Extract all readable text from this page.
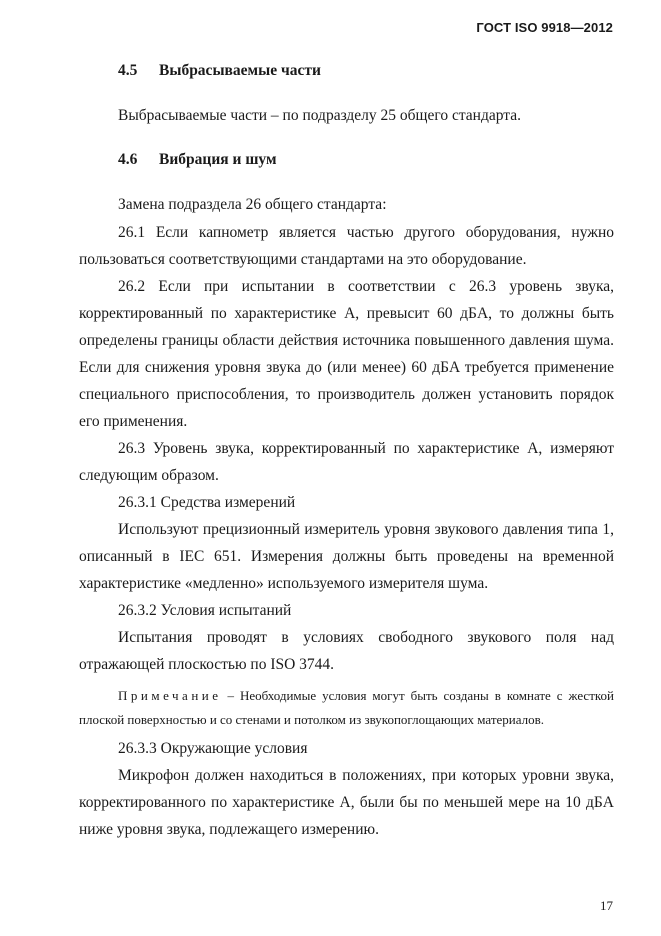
ГОСТ ISO 9918—2012
4.5 Выбрасываемые части
Выбрасываемые части – по подразделу 25 общего стандарта.
4.6 Вибрация и шум
Замена подраздела 26 общего стандарта:

26.1 Если капнометр является частью другого оборудования, нужно пользоваться соответствующими стандартами на это оборудование.

26.2 Если при испытании в соответствии с 26.3 уровень звука, корректированный по характеристике A, превысит 60 дБA, то должны быть определены границы области действия источника повышенного давления шума. Если для снижения уровня звука до (или менее) 60 дБA требуется применение специального приспособления, то производитель должен установить порядок его применения.

26.3 Уровень звука, корректированный по характеристике A, измеряют следующим образом.

26.3.1 Средства измерений

Используют прецизионный измеритель уровня звукового давления типа 1, описанный в IEC 651. Измерения должны быть проведены на временной характеристике «медленно» используемого измерителя шума.

26.3.2 Условия испытаний

Испытания проводят в условиях свободного звукового поля над отражающей плоскостью по ISO 3744.

Примечание – Необходимые условия могут быть созданы в комнате с жесткой плоской поверхностью и со стенами и потолком из звукопоглощающих материалов.

26.3.3 Окружающие условия

Микрофон должен находиться в положениях, при которых уровни звука, корректированного по характеристике A, были бы по меньшей мере на 10 дБA ниже уровня звука, подлежащего измерению.

17
